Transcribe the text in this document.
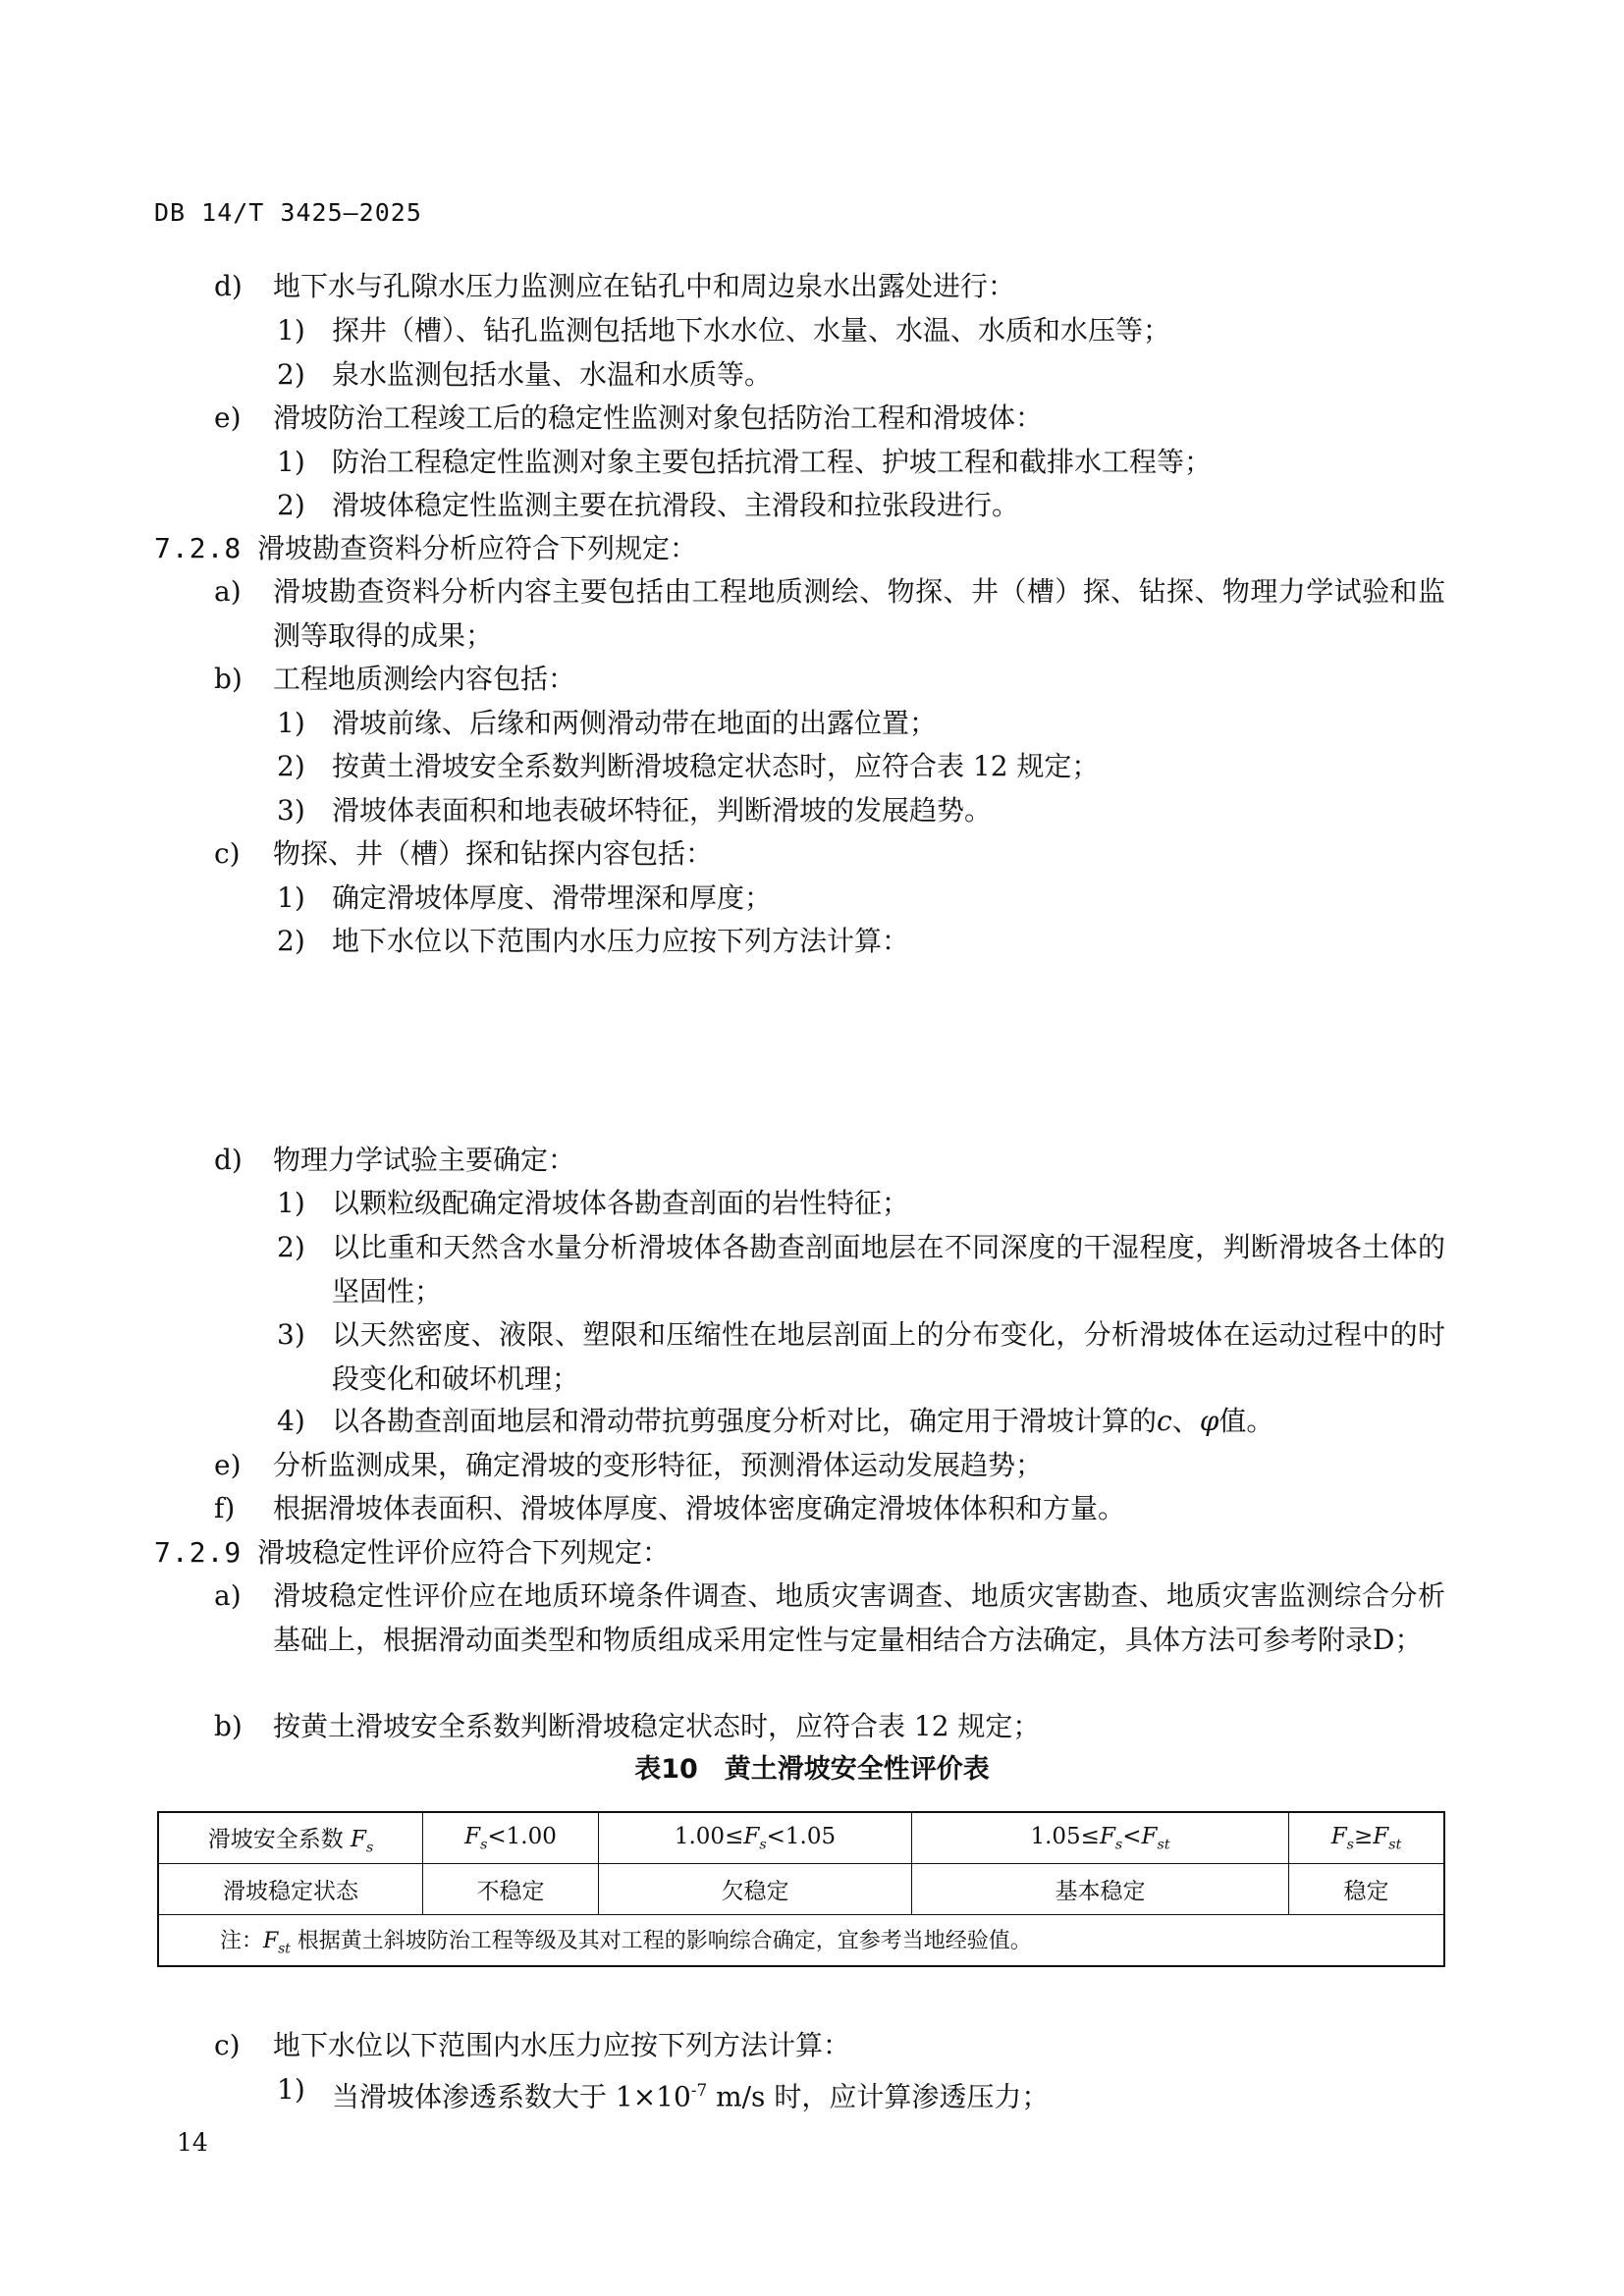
DB 14/T 3425—2025
d) 地下水与孔隙水压力监测应在钻孔中和周边泉水出露处进行：
1) 探井（槽）、钻孔监测包括地下水水位、水量、水温、水质和水压等；
2) 泉水监测包括水量、水温和水质等。
e) 滑坡防治工程竣工后的稳定性监测对象包括防治工程和滑坡体：
1) 防治工程稳定性监测对象主要包括抗滑工程、护坡工程和截排水工程等；
2) 滑坡体稳定性监测主要在抗滑段、主滑段和拉张段进行。
7.2.8 滑坡勘查资料分析应符合下列规定：
a) 滑坡勘查资料分析内容主要包括由工程地质测绘、物探、井（槽）探、钻探、物理力学试验和监测等取得的成果；
b) 工程地质测绘内容包括：
1) 滑坡前缘、后缘和两侧滑动带在地面的出露位置；
2) 按黄土滑坡安全系数判断滑坡稳定状态时，应符合表 12 规定；
3) 滑坡体表面积和地表破坏特征，判断滑坡的发展趋势。
c) 物探、井（槽）探和钻探内容包括：
1) 确定滑坡体厚度、滑带埋深和厚度；
2) 地下水位以下范围内水压力应按下列方法计算：
d) 物理力学试验主要确定：
1) 以颗粒级配确定滑坡体各勘查剖面的岩性特征；
2) 以比重和天然含水量分析滑坡体各勘查剖面地层在不同深度的干湿程度，判断滑坡各土体的坚固性；
3) 以天然密度、液限、塑限和压缩性在地层剖面上的分布变化，分析滑坡体在运动过程中的时段变化和破坏机理；
4) 以各勘查剖面地层和滑动带抗剪强度分析对比，确定用于滑坡计算的c、φ值。
e) 分析监测成果，确定滑坡的变形特征，预测滑体运动发展趋势；
f) 根据滑坡体表面积、滑坡体厚度、滑坡体密度确定滑坡体体积和方量。
7.2.9 滑坡稳定性评价应符合下列规定：
a) 滑坡稳定性评价应在地质环境条件调查、地质灾害调查、地质灾害勘查、地质灾害监测综合分析基础上，根据滑动面类型和物质组成采用定性与定量相结合方法确定，具体方法可参考附录D；
b) 按黄土滑坡安全系数判断滑坡稳定状态时，应符合表 12 规定；
表10　黄土滑坡安全性评价表
滑坡安全系数 $F_s$	$F_s<1.00$	$1.00\le F_s<1.05$	$1.05\le F_s<F_{st}$	$F_s\ge F_{st}$
滑坡稳定状态	不稳定	欠稳定	基本稳定	稳定
注：$F_{st}$ 根据黄土斜坡防治工程等级及其对工程的影响综合确定，宜参考当地经验值。				
c) 地下水位以下范围内水压力应按下列方法计算：
1) 当滑坡体渗透系数大于 $1\times 10^{-7}$ m/s 时，应计算渗透压力；
14
